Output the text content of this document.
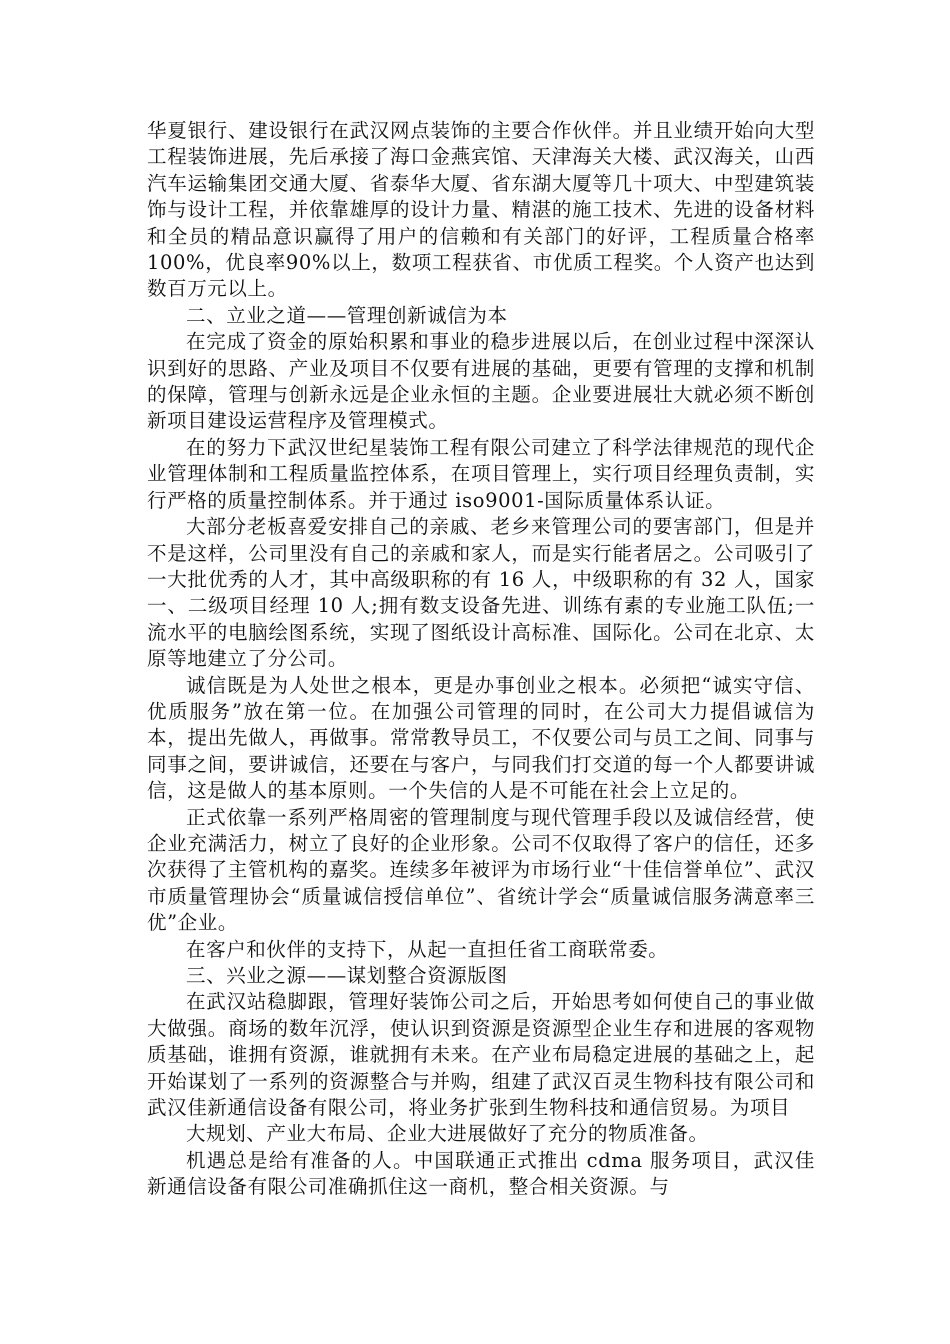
华夏银行、建设银行在武汉网点装饰的主要合作伙伴。并且业绩开始向大型工程装饰进展，先后承接了海口金燕宾馆、天津海关大楼、武汉海关，山西汽车运输集团交通大厦、省泰华大厦、省东湖大厦等几十项大、中型建筑装饰与设计工程，并依靠雄厚的设计力量、精湛的施工技术、先进的设备材料和全员的精品意识赢得了用户的信赖和有关部门的好评，工程质量合格率100%，优良率90%以上，数项工程获省、市优质工程奖。个人资产也达到数百万元以上。

二、立业之道——管理创新诚信为本

在完成了资金的原始积累和事业的稳步进展以后，在创业过程中深深认识到好的思路、产业及项目不仅要有进展的基础，更要有管理的支撑和机制的保障，管理与创新永远是企业永恒的主题。企业要进展壮大就必须不断创新项目建设运营程序及管理模式。

在的努力下武汉世纪星装饰工程有限公司建立了科学法律规范的现代企业管理体制和工程质量监控体系，在项目管理上，实行项目经理负责制，实行严格的质量控制体系。并于通过 iso9001-国际质量体系认证。

大部分老板喜爱安排自己的亲戚、老乡来管理公司的要害部门，但是并不是这样，公司里没有自己的亲戚和家人，而是实行能者居之。公司吸引了一大批优秀的人才，其中高级职称的有 16 人，中级职称的有 32 人，国家一、二级项目经理 10 人;拥有数支设备先进、训练有素的专业施工队伍;一流水平的电脑绘图系统，实现了图纸设计高标准、国际化。公司在北京、太原等地建立了分公司。

诚信既是为人处世之根本，更是办事创业之根本。必须把“诚实守信、优质服务”放在第一位。在加强公司管理的同时，在公司大力提倡诚信为本，提出先做人，再做事。常常教导员工，不仅要公司与员工之间、同事与同事之间，要讲诚信，还要在与客户，与同我们打交道的每一个人都要讲诚信，这是做人的基本原则。一个失信的人是不可能在社会上立足的。

正式依靠一系列严格周密的管理制度与现代管理手段以及诚信经营，使企业充满活力，树立了良好的企业形象。公司不仅取得了客户的信任，还多次获得了主管机构的嘉奖。连续多年被评为市场行业“十佳信誉单位”、武汉市质量管理协会“质量诚信授信单位”、省统计学会“质量诚信服务满意率三优”企业。

在客户和伙伴的支持下，从起一直担任省工商联常委。

三、兴业之源——谋划整合资源版图

在武汉站稳脚跟，管理好装饰公司之后，开始思考如何使自己的事业做大做强。商场的数年沉浮，使认识到资源是资源型企业生存和进展的客观物质基础，谁拥有资源，谁就拥有未来。在产业布局稳定进展的基础之上，起开始谋划了一系列的资源整合与并购，组建了武汉百灵生物科技有限公司和武汉佳新通信设备有限公司，将业务扩张到生物科技和通信贸易。为项目

大规划、产业大布局、企业大进展做好了充分的物质准备。

机遇总是给有准备的人。中国联通正式推出 cdma 服务项目，武汉佳新通信设备有限公司准确抓住这一商机，整合相关资源。与
